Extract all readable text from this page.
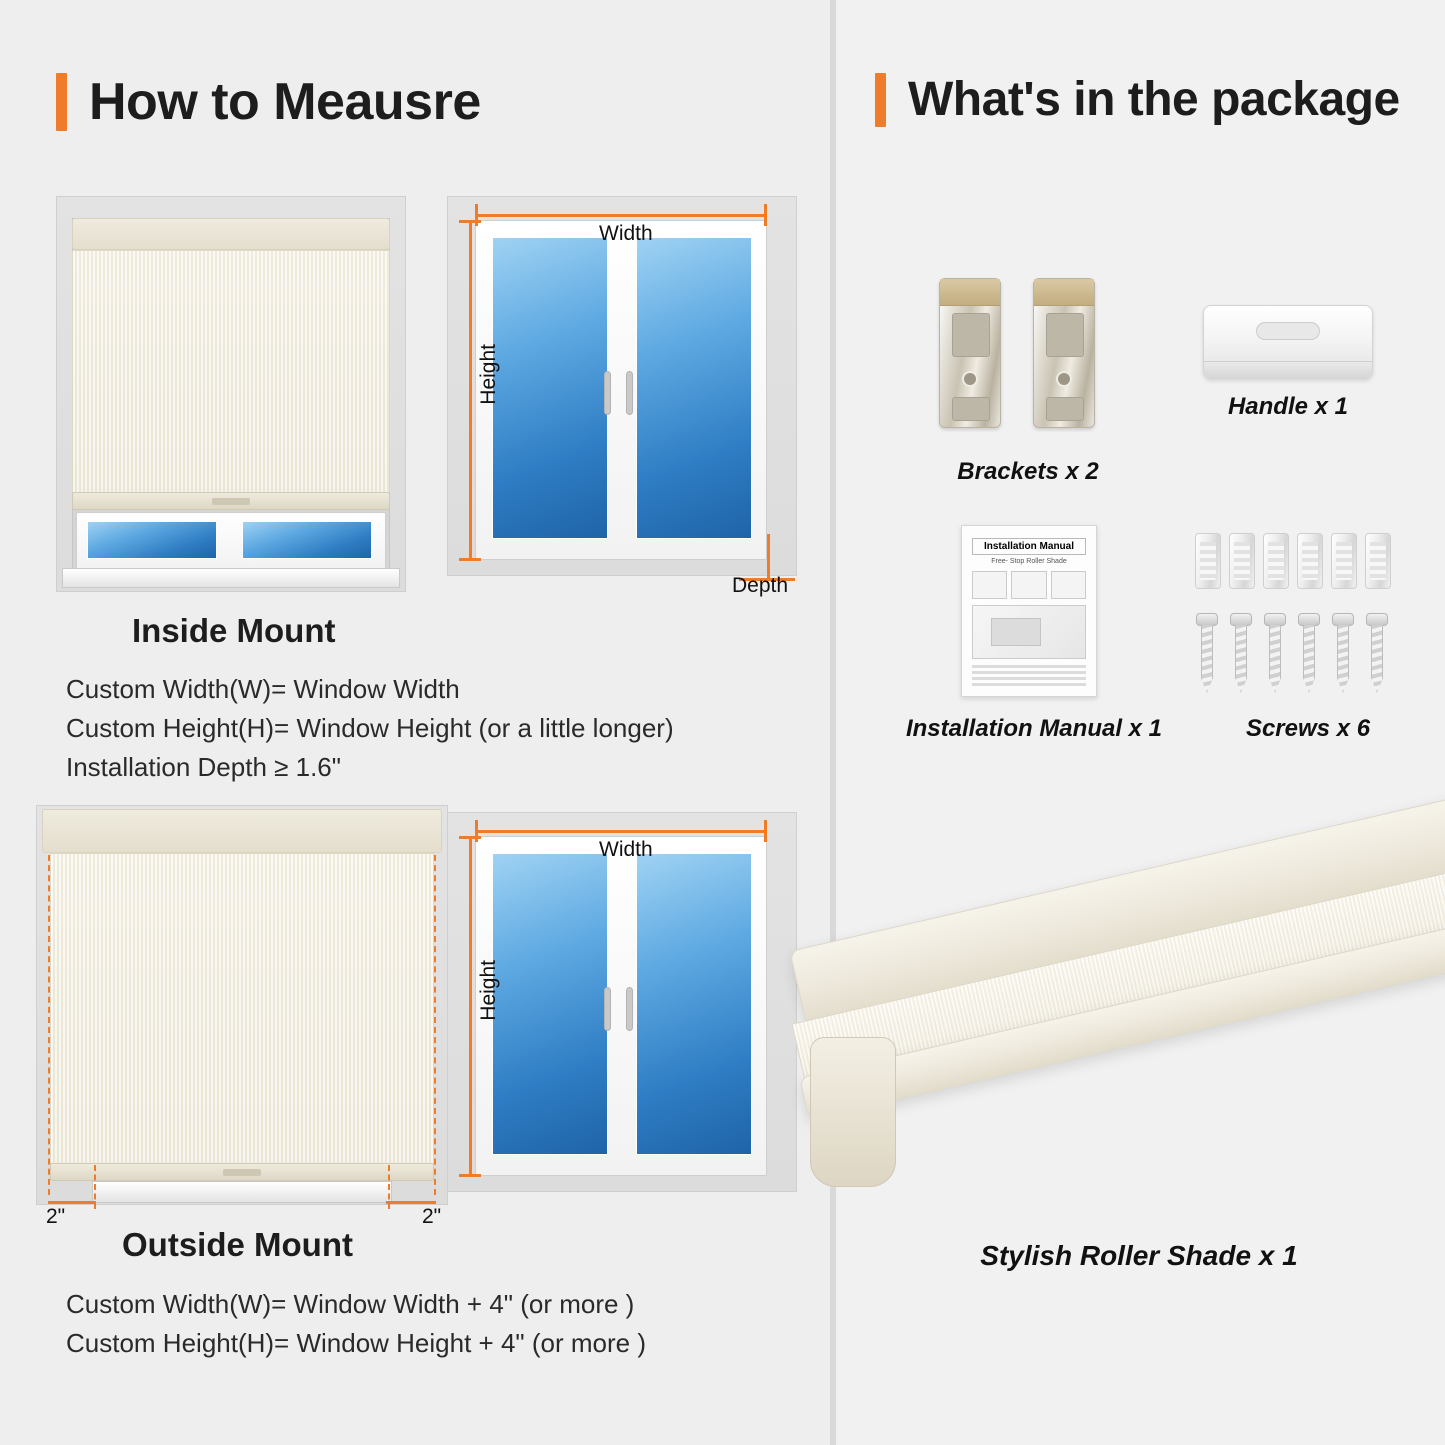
How to Meausre
Width
Height
Depth
Inside Mount
Custom Width(W)= Window Width
Custom Height(H)= Window Height (or a little longer)
Installation Depth ≥ 1.6"
2"	2"
Width
Height
Outside Mount
Custom Width(W)= Window Width + 4" (or more )
Custom Height(H)= Window Height + 4" (or more )
What's in the package
Brackets x 2
Handle x 1
Installation Manual
Free- Stop Roller Shade
Installation Manual x 1	Screws x 6
Stylish Roller Shade x 1
